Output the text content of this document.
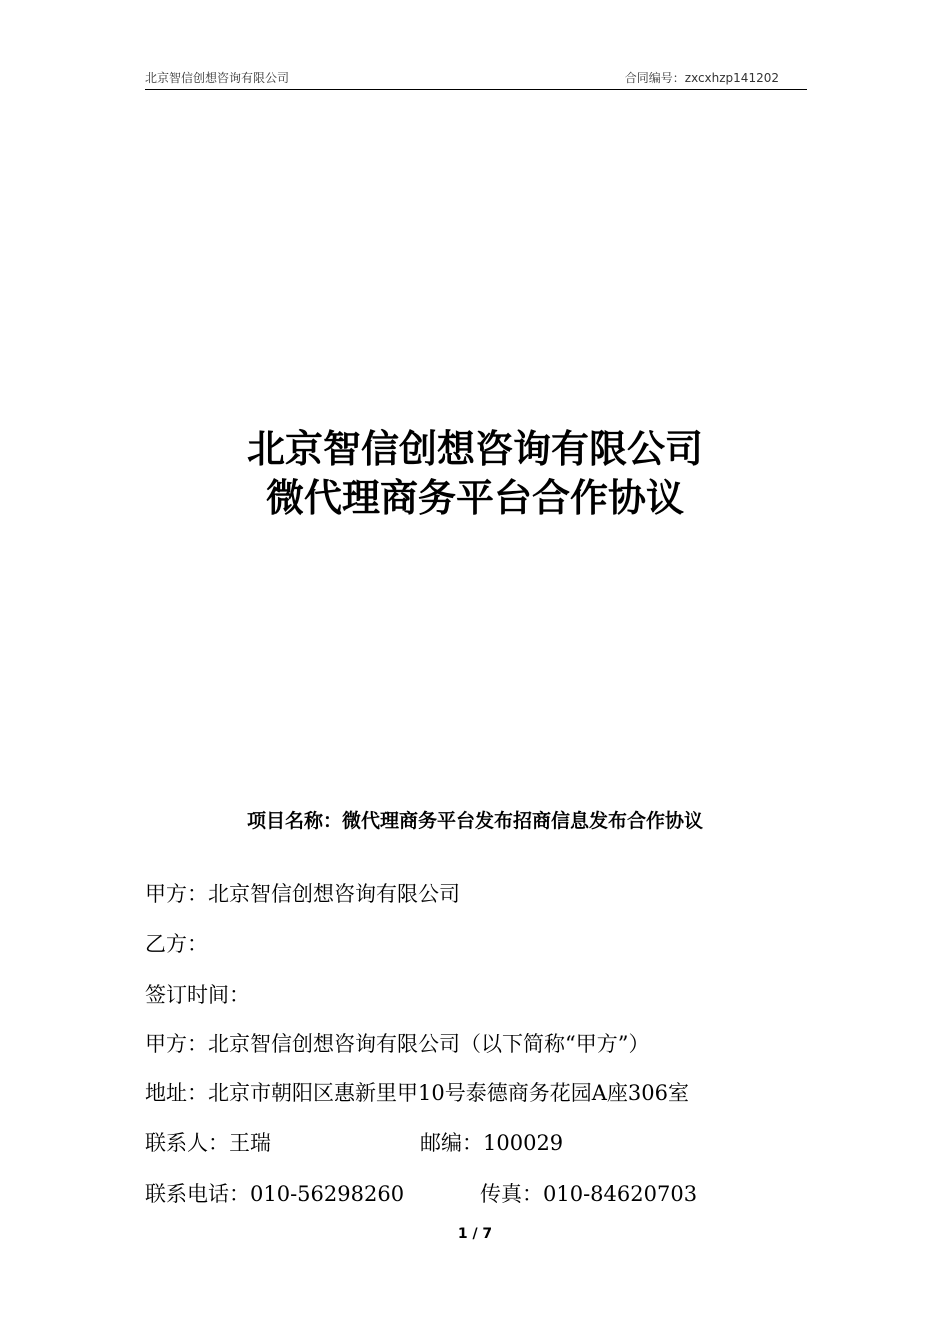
北京智信创想咨询有限公司	合同编号：zxcxhzp141202
北京智信创想咨询有限公司
微代理商务平台合作协议
项目名称：微代理商务平台发布招商信息发布合作协议
甲方：北京智信创想咨询有限公司
乙方：
签订时间：
甲方：北京智信创想咨询有限公司（以下简称“甲方”）
地址：北京市朝阳区惠新里甲10号泰德商务花园A座306室
联系人：王瑞	邮编：100029
联系电话：010-56298260	传真：010-84620703
1 / 7
